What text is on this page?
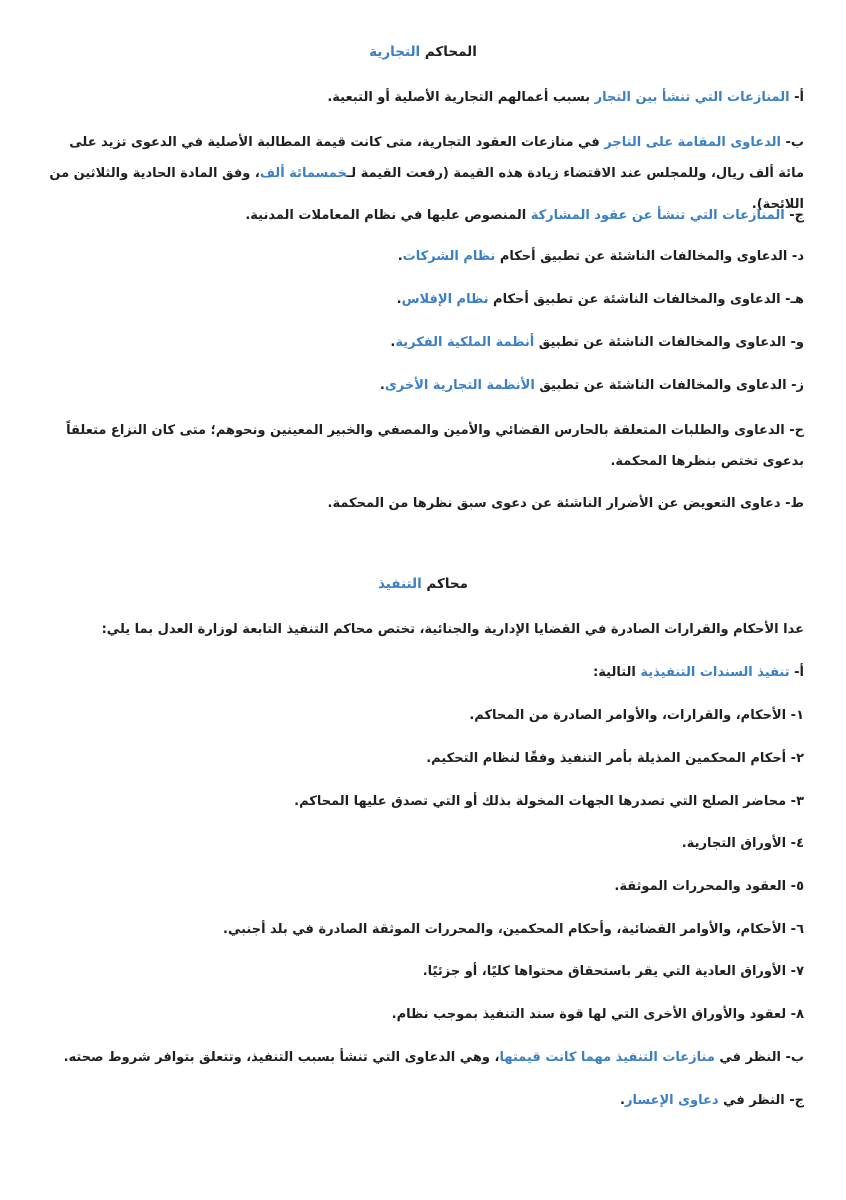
المحاكم التجارية

أ- المنازعات التي تنشأ بين التجار بسبب أعمالهم التجارية الأصلية أو التبعية.

ب- الدعاوى المقامة على التاجر في منازعات العقود التجارية، متى كانت قيمة المطالبة الأصلية في الدعوى تزيد على مائة ألف ريال، وللمجلس عند الاقتضاء زيادة هذه القيمة (رفعت القيمة لـخمسمائة ألف، وفق المادة الحادية والثلاثين من اللائحة).

ج- المنازعات التي تنشأ عن عقود المشاركة المنصوص عليها في نظام المعاملات المدنية.

د- الدعاوى والمخالفات الناشئة عن تطبيق أحكام نظام الشركات.

هـ- الدعاوى والمخالفات الناشئة عن تطبيق أحكام نظام الإفلاس.

و- الدعاوى والمخالفات الناشئة عن تطبيق أنظمة الملكية الفكرية.

ز- الدعاوى والمخالفات الناشئة عن تطبيق الأنظمة التجارية الأخرى.

ح- الدعاوى والطلبات المتعلقة بالحارس القضائي والأمين والمصفي والخبير المعينين ونحوهم؛ متى كان النزاع متعلقاً بدعوى تختص بنظرها المحكمة.

ط- دعاوى التعويض عن الأضرار الناشئة عن دعوى سبق نظرها من المحكمة.

محاكم التنفيذ

عدا الأحكام والقرارات الصادرة في القضايا الإدارية والجنائية، تختص محاكم التنفيذ التابعة لوزارة العدل بما يلي:

أ- تنفيذ السندات التنفيذية التالية:

١- الأحكام، والقرارات، والأوامر الصادرة من المحاكم.

٢- أحكام المحكمين المذيلة بأمر التنفيذ وفقًا لنظام التحكيم.

٣- محاضر الصلح التي تصدرها الجهات المخولة بذلك أو التي تصدق عليها المحاكم.

٤- الأوراق التجارية.

٥- العقود والمحررات الموثقة.

٦- الأحكام، والأوامر القضائية، وأحكام المحكمين، والمحررات الموثقة الصادرة في بلد أجنبي.

٧- الأوراق العادية التي يقر باستحقاق محتواها كليًا، أو جزئيًا.

٨- لعقود والأوراق الأخرى التي لها قوة سند التنفيذ بموجب نظام.

ب- النظر في منازعات التنفيذ مهما كانت قيمتها، وهي الدعاوى التي تنشأ بسبب التنفيذ، وتتعلق بتوافر شروط صحته.

ج- النظر في دعاوى الإعسار.
